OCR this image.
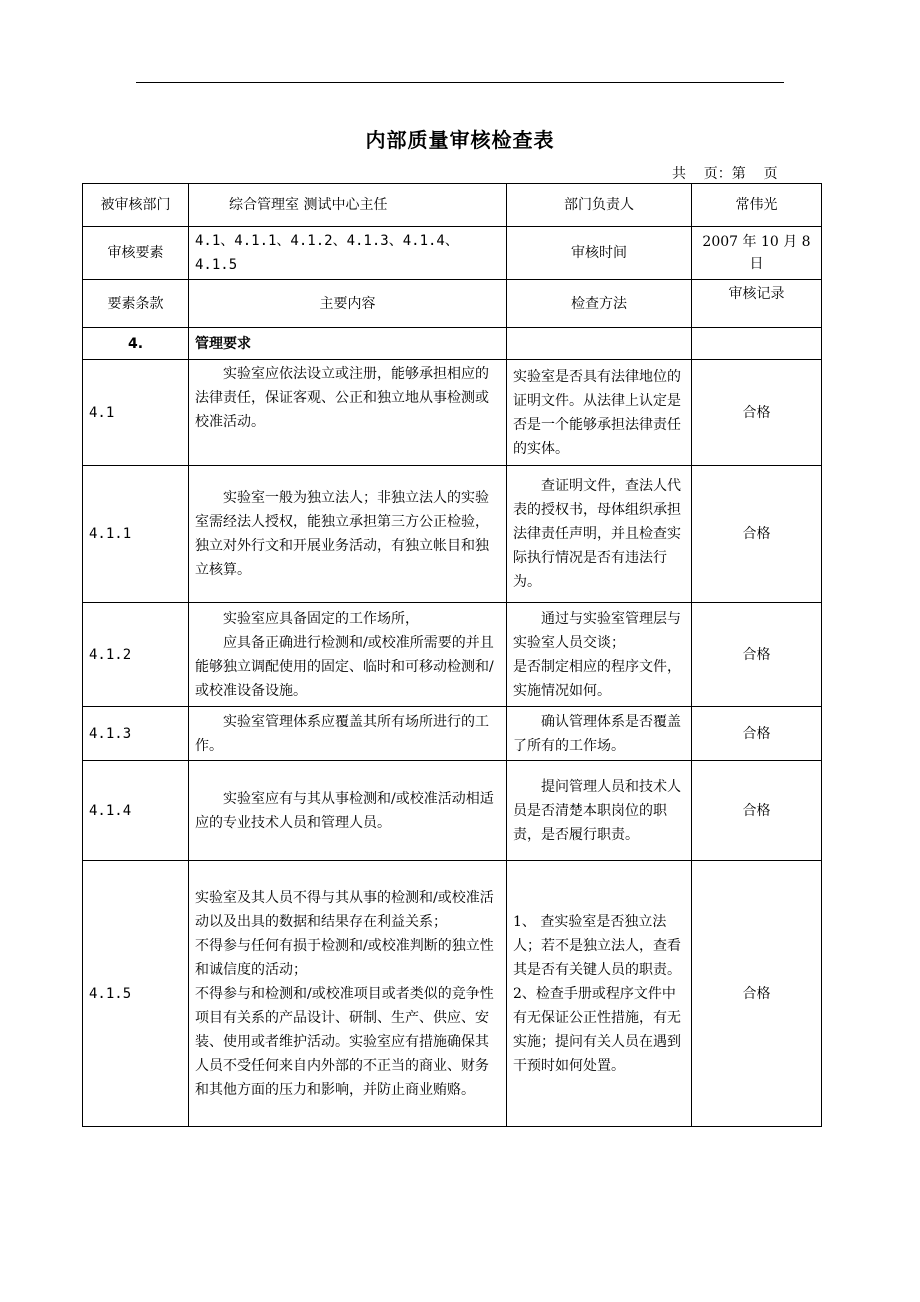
内部质量审核检查表
共    页：第    页
被审核部门	综合管理室 测试中心主任	部门负责人	常伟光
审核要素	4.1、4.1.1、4.1.2、4.1.3、4.1.4、4.1.5	审核时间	2007 年 10 月 8 日
要素条款	主要内容	检查方法	审核记录
4.	管理要求		
4.1	实验室应依法设立或注册，能够承担相应的法律责任，保证客观、公正和独立地从事检测或校准活动。	实验室是否具有法律地位的证明文件。从法律上认定是否是一个能够承担法律责任的实体。	合格
4.1.1	实验室一般为独立法人；非独立法人的实验室需经法人授权，能独立承担第三方公正检验，独立对外行文和开展业务活动，有独立帐目和独立核算。	查证明文件，查法人代表的授权书，母体组织承担法律责任声明，并且检查实际执行情况是否有违法行为。	合格
4.1.2	实验室应具备固定的工作场所，
应具备正确进行检测和/或校准所需要的并且能够独立调配使用的固定、临时和可移动检测和/或校准设备设施。	通过与实验室管理层与实验室人员交谈；
是否制定相应的程序文件，实施情况如何。	合格
4.1.3	实验室管理体系应覆盖其所有场所进行的工作。	确认管理体系是否覆盖了所有的工作场。	合格
4.1.4	实验室应有与其从事检测和/或校准活动相适应的专业技术人员和管理人员。	提问管理人员和技术人员是否清楚本职岗位的职责，是否履行职责。	合格
4.1.5	实验室及其人员不得与其从事的检测和/或校准活动以及出具的数据和结果存在利益关系；
不得参与任何有损于检测和/或校准判断的独立性和诚信度的活动；
不得参与和检测和/或校准项目或者类似的竞争性项目有关系的产品设计、研制、生产、供应、安装、使用或者维护活动。实验室应有措施确保其人员不受任何来自内外部的不正当的商业、财务和其他方面的压力和影响，并防止商业贿赂。	1、 查实验室是否独立法人；若不是独立法人，查看其是否有关键人员的职责。
2、检查手册或程序文件中有无保证公正性措施，有无实施；提问有关人员在遇到干预时如何处置。	合格
